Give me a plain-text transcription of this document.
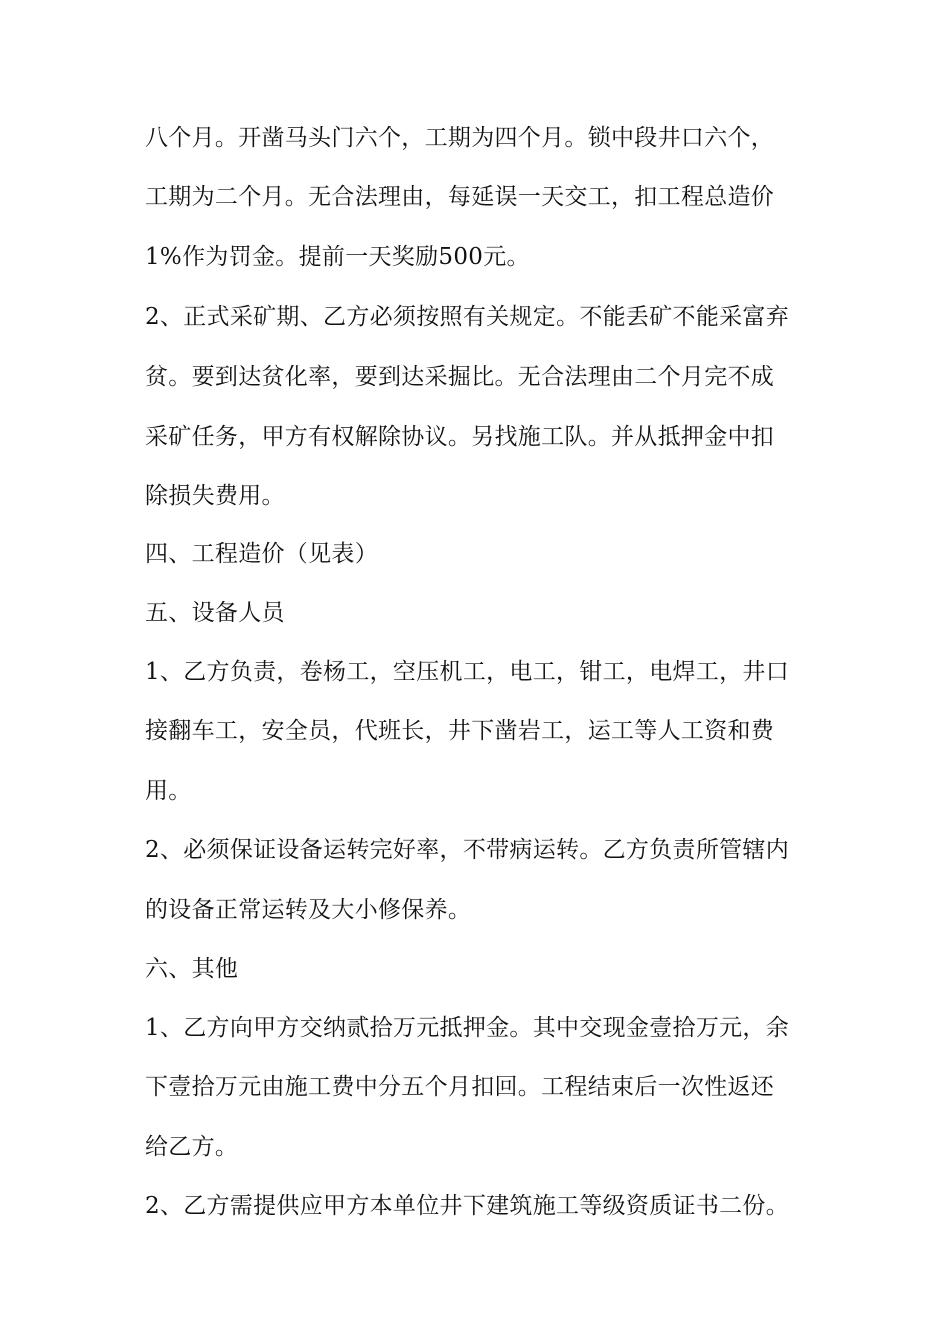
八个月。开凿马头门六个，工期为四个月。锁中段井口六个，
工期为二个月。无合法理由，每延误一天交工，扣工程总造价
1%作为罚金。提前一天奖励500元。
2、正式采矿期、乙方必须按照有关规定。不能丢矿不能采富弃
贫。要到达贫化率，要到达采掘比。无合法理由二个月完不成
采矿任务，甲方有权解除协议。另找施工队。并从抵押金中扣
除损失费用。
四、工程造价（见表）
五、设备人员
1、乙方负责，卷杨工，空压机工，电工，钳工，电焊工，井口
接翻车工，安全员，代班长，井下凿岩工，运工等人工资和费
用。
2、必须保证设备运转完好率，不带病运转。乙方负责所管辖内
的设备正常运转及大小修保养。
六、其他
1、乙方向甲方交纳贰拾万元抵押金。其中交现金壹拾万元，余
下壹拾万元由施工费中分五个月扣回。工程结束后一次性返还
给乙方。
2、乙方需提供应甲方本单位井下建筑施工等级资质证书二份。
